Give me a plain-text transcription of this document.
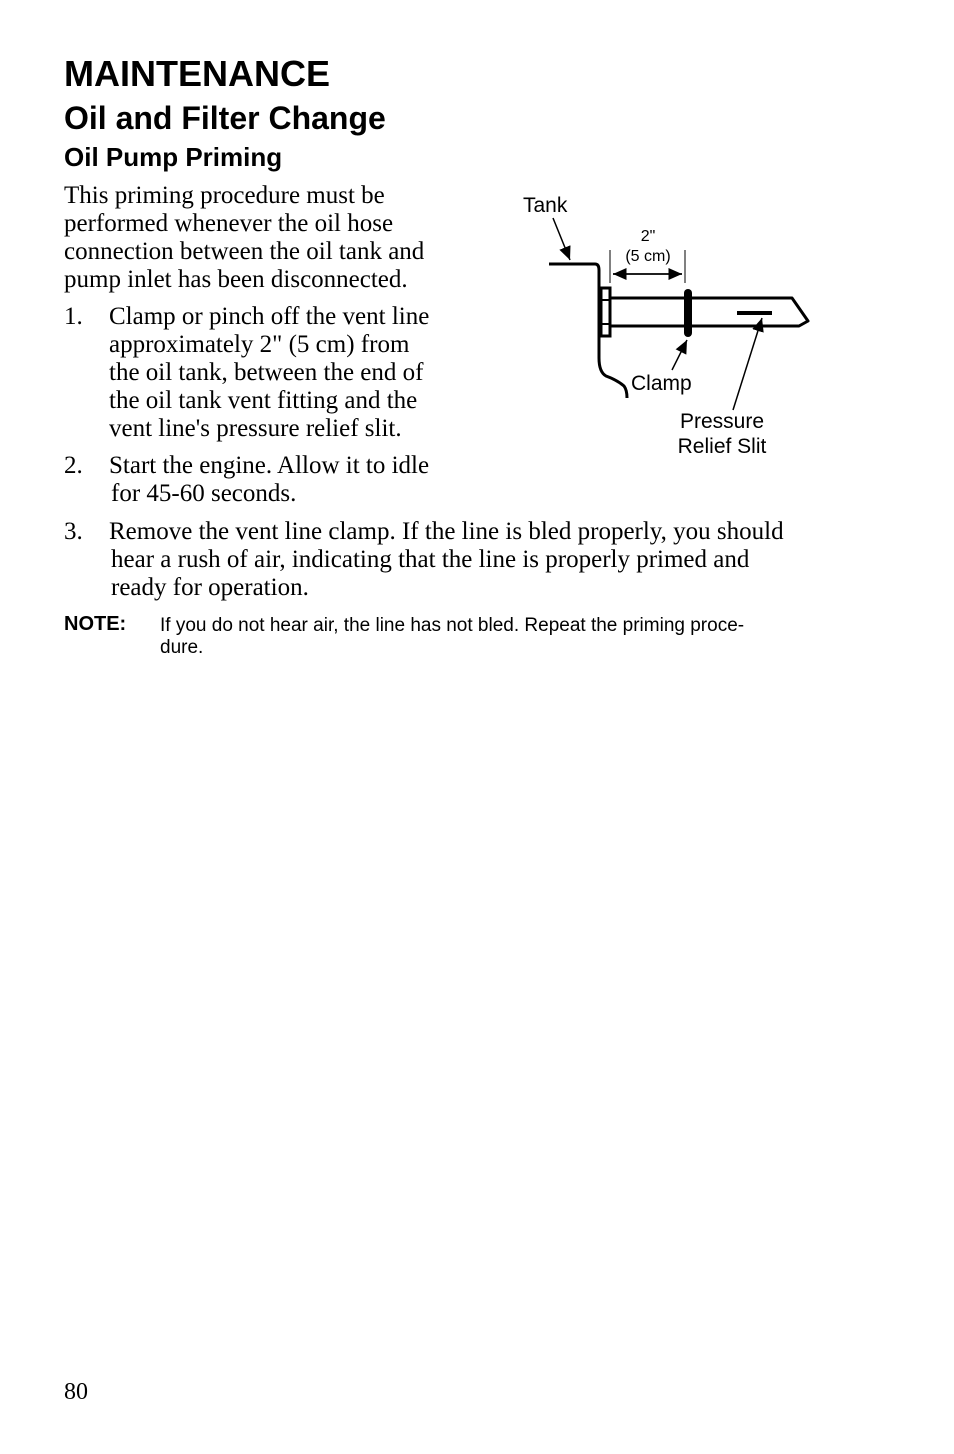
MAINTENANCE
Oil and Filter Change
Oil Pump Priming
This priming procedure must be
performed whenever the oil hose
connection between the oil tank and
pump inlet has been disconnected.
1. Clamp or pinch off the vent line
approximately 2" (5 cm) from
the oil tank, between the end of
the oil tank vent fitting and the
vent line's pressure relief slit.
2. Start the engine. Allow it to idle
for 45-60 seconds.
3. Remove the vent line clamp. If the line is bled properly, you should
hear a rush of air, indicating that the line is properly primed and
ready for operation.
NOTE: If you do not hear air, the line has not bled. Repeat the priming proce-
dure.
Tank
2"
(5 cm)
Clamp
Pressure
Relief Slit
80
